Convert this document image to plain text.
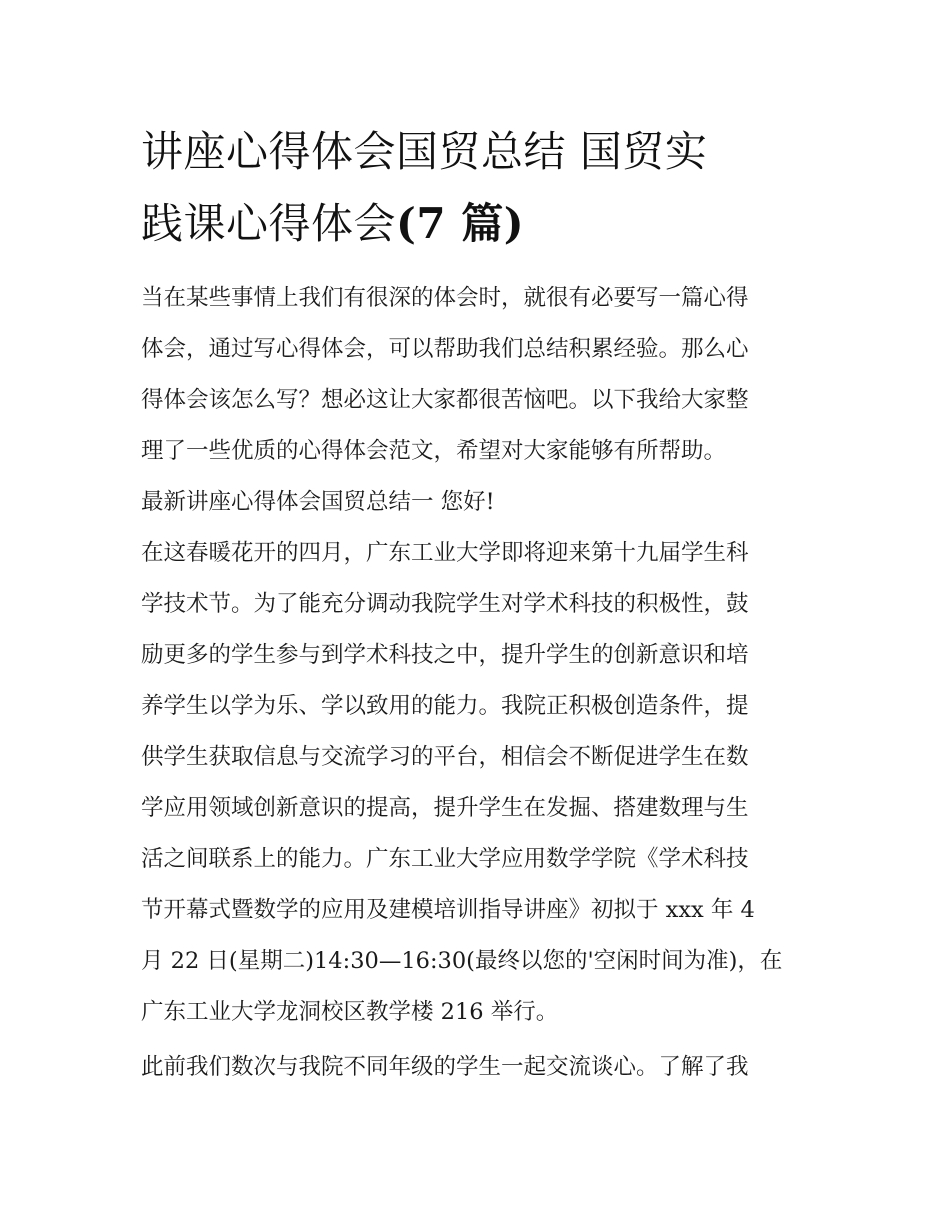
讲座心得体会国贸总结 国贸实
践课心得体会(7 篇)

当在某些事情上我们有很深的体会时，就很有必要写一篇心得
体会，通过写心得体会，可以帮助我们总结积累经验。那么心
得体会该怎么写？想必这让大家都很苦恼吧。以下我给大家整
理了一些优质的心得体会范文，希望对大家能够有所帮助。

最新讲座心得体会国贸总结一 您好!

在这春暖花开的四月，广东工业大学即将迎来第十九届学生科
学技术节。为了能充分调动我院学生对学术科技的积极性，鼓
励更多的学生参与到学术科技之中，提升学生的创新意识和培
养学生以学为乐、学以致用的能力。我院正积极创造条件，提
供学生获取信息与交流学习的平台，相信会不断促进学生在数
学应用领域创新意识的提高，提升学生在发掘、搭建数理与生
活之间联系上的能力。广东工业大学应用数学学院《学术科技
节开幕式暨数学的应用及建模培训指导讲座》初拟于 xxx 年 4
月 22 日(星期二)14:30—16:30(最终以您的'空闲时间为准)，在
广东工业大学龙洞校区教学楼 216 举行。

此前我们数次与我院不同年级的学生一起交流谈心。了解了我
